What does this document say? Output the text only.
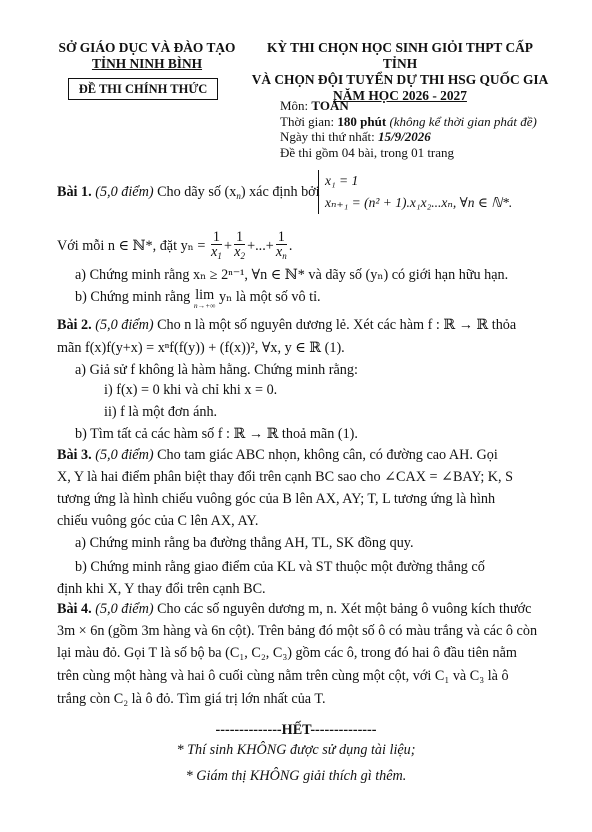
SỞ GIÁO DỤC VÀ ĐÀO TẠO
TỈNH NINH BÌNH
ĐỀ THI CHÍNH THỨC
KỲ THI CHỌN HỌC SINH GIỎI THPT CẤP TỈNH
VÀ CHỌN ĐỘI TUYỂN DỰ THI HSG QUỐC GIA
NĂM HỌC 2026 - 2027
Môn: TOÁN
Thời gian: 180 phút (không kể thời gian phát đề)
Ngày thi thứ nhất: 15/9/2026
Đề thi gồm 04 bài, trong 01 trang
Bài 1. (5,0 điểm) Cho dãy số $(x_n)$ xác định bởi
x₁ = 1
xₙ₊₁ = (n² + 1).x₁x₂...xₙ, ∀n ∈ ℕ*.
Với mỗi n ∈ ℕ*, đặt $y_n = \frac{1}{x_1} + \frac{1}{x_2}$ +...+ $\frac{1}{x_n}$ .
a) Chứng minh rằng xₙ ≥ 2ⁿ⁻¹, ∀n ∈ ℕ* và dãy số (yₙ) có giới hạn hữu hạn.
b) Chứng minh rằng lim
n→+∞
yₙ là một số vô tỉ.
Bài 2. (5,0 điểm) Cho n là một số nguyên dương lẻ. Xét các hàm f : ℝ → ℝ thỏa
mãn f(x)f(y+x) = xⁿf(f(y)) + (f(x))², ∀x, y ∈ ℝ (1).
a) Giả sử f không là hàm hằng. Chứng minh rằng:
i) f(x) = 0 khi và chỉ khi x = 0.
ii) f là một đơn ánh.
b) Tìm tất cả các hàm số f : ℝ → ℝ thoả mãn (1).
Bài 3. (5,0 điểm) Cho tam giác ABC nhọn, không cân, có đường cao AH. Gọi
X, Y là hai điểm phân biệt thay đổi trên cạnh BC sao cho ∠CAX = ∠BAY; K, S
tương ứng là hình chiếu vuông góc của B lên AX, AY; T, L tương ứng là hình
chiếu vuông góc của C lên AX, AY.
a) Chứng minh rằng ba đường thẳng AH, TL, SK đồng quy.
b) Chứng minh rằng giao điểm của KL và ST thuộc một đường thẳng cố
định khi X, Y thay đổi trên cạnh BC.
Bài 4. (5,0 điểm) Cho các số nguyên dương m, n. Xét một bảng ô vuông kích thước
3m × 6n (gồm 3m hàng và 6n cột). Trên bảng đó một số ô có màu trắng và các ô còn
lại màu đỏ. Gọi T là số bộ ba (C₁, C₂, C₃) gồm các ô, trong đó hai ô đầu tiên nằm
trên cùng một hàng và hai ô cuối cùng nằm trên cùng một cột, với C₁ và C₃ là ô
trắng còn C₂ là ô đỏ. Tìm giá trị lớn nhất của T.
--------------HẾT--------------
* Thí sinh KHÔNG được sử dụng tài liệu;
* Giám thị KHÔNG giải thích gì thêm.
